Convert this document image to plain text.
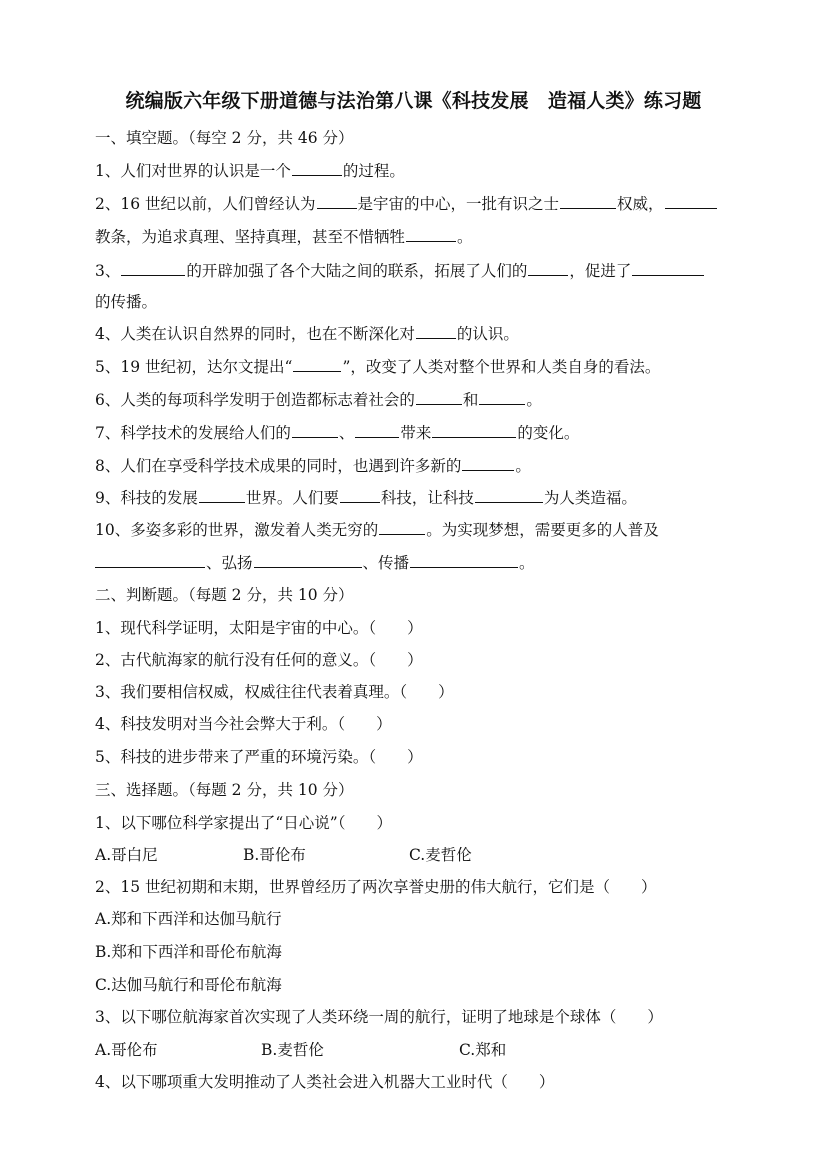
统编版六年级下册道德与法治第八课《科技发展　造福人类》练习题
一、填空题。（每空 2 分，共 46 分）
1、人们对世界的认识是一个	的过程。
2、16 世纪以前，人们曾经认为	是宇宙的中心，一批有识之士	权威，
教条，为追求真理、坚持真理，甚至不惜牺牲	。
3、	的开辟加强了各个大陆之间的联系，拓展了人们的	，促进了
的传播。
4、人类在认识自然界的同时，也在不断深化对	的认识。
5、19 世纪初，达尔文提出“	”，改变了人类对整个世界和人类自身的看法。
6、人类的每项科学发明于创造都标志着社会的	和	。
7、科学技术的发展给人们的	、	带来	的变化。
8、人们在享受科学技术成果的同时，也遇到许多新的	。
9、科技的发展	世界。人们要	科技，让科技	为人类造福。
10、多姿多彩的世界，激发着人类无穷的	。为实现梦想，需要更多的人普及
、弘扬	、传播	。
二、判断题。（每题 2 分，共 10 分）
1、现代科学证明，太阳是宇宙的中心。（　　）
2、古代航海家的航行没有任何的意义。（　　）
3、我们要相信权威，权威往往代表着真理。（　　）
4、科技发明对当今社会弊大于利。（　　）
5、科技的进步带来了严重的环境污染。（　　）
三、选择题。（每题 2 分，共 10 分）
1、以下哪位科学家提出了“日心说”（　　）
A.哥白尼	B.哥伦布	C.麦哲伦
2、15 世纪初期和末期，世界曾经历了两次享誉史册的伟大航行，它们是（　　）
A.郑和下西洋和达伽马航行
B.郑和下西洋和哥伦布航海
C.达伽马航行和哥伦布航海
3、以下哪位航海家首次实现了人类环绕一周的航行，证明了地球是个球体（　　）
A.哥伦布	B.麦哲伦	C.郑和
4、以下哪项重大发明推动了人类社会进入机器大工业时代（　　）
